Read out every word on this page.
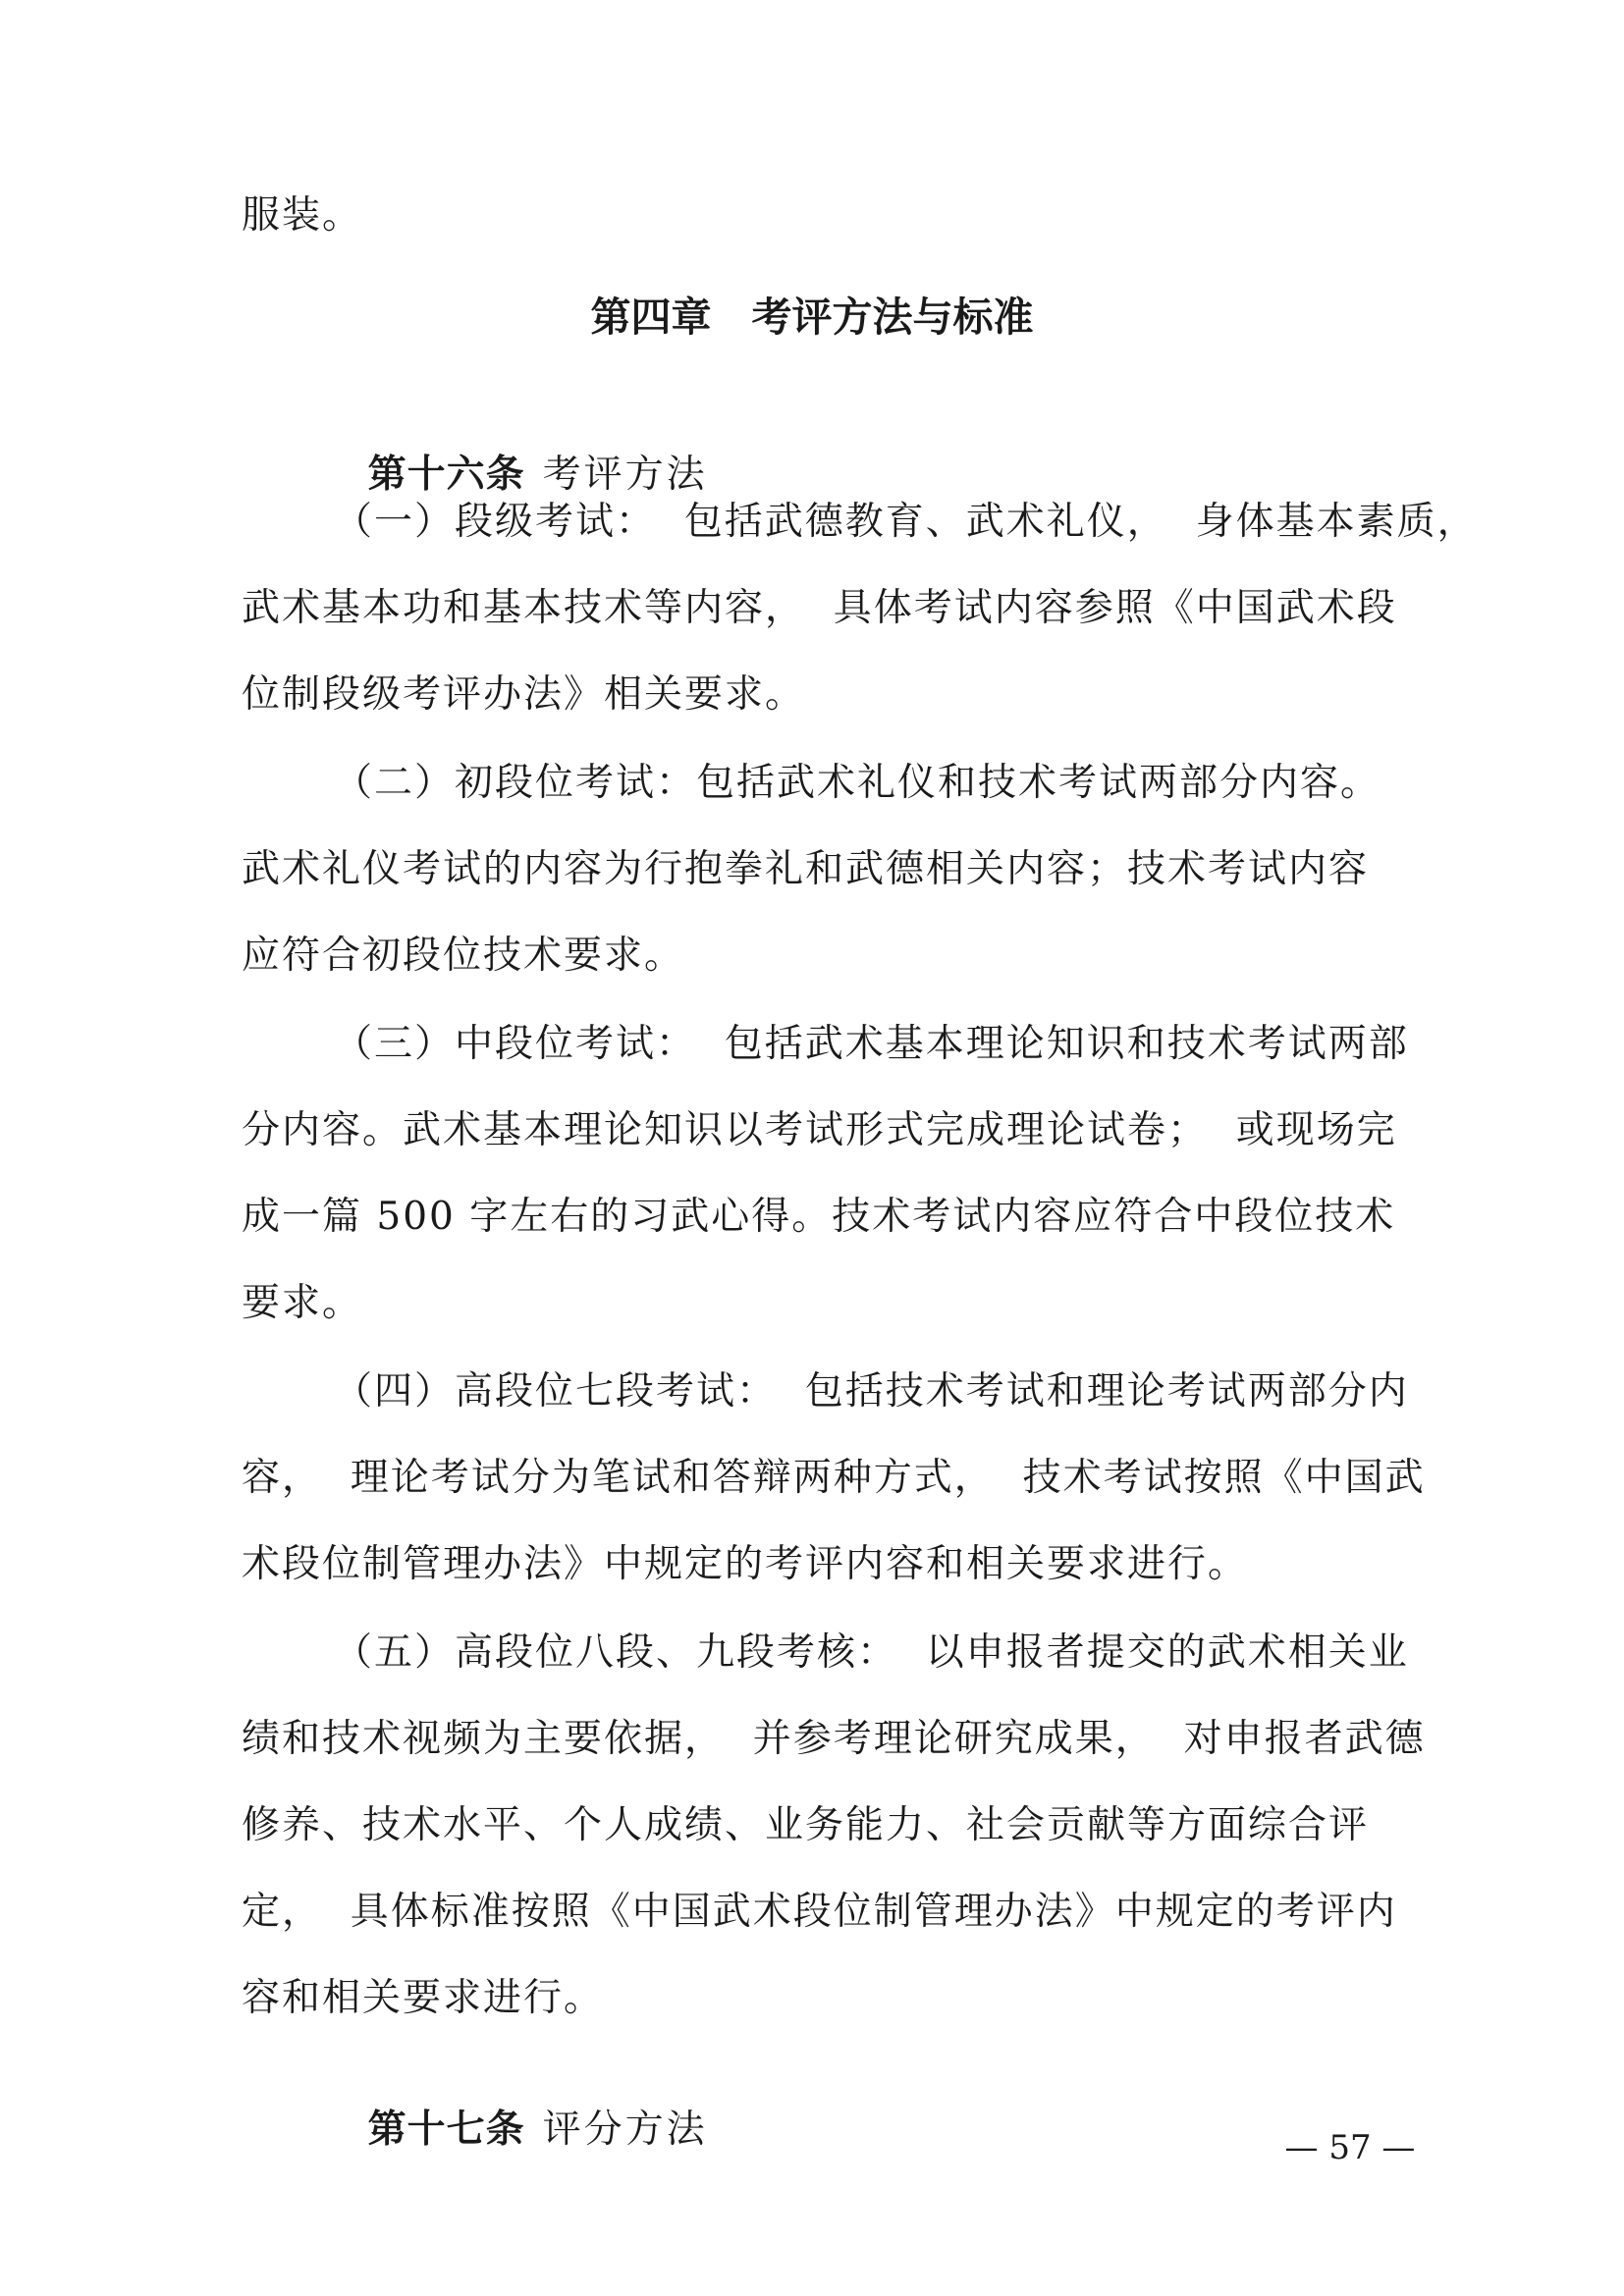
服装。
第四章　考评方法与标准

第十六条 考评方法

（一）段级考试：  包括武德教育、武术礼仪，  身体基本素质，
武术基本功和基本技术等内容，  具体考试内容参照《中国武术段
位制段级考评办法》相关要求。
（二）初段位考试：包括武术礼仪和技术考试两部分内容。
武术礼仪考试的内容为行抱拳礼和武德相关内容；技术考试内容
应符合初段位技术要求。
（三）中段位考试：  包括武术基本理论知识和技术考试两部
分内容。武术基本理论知识以考试形式完成理论试卷；  或现场完
成一篇 500 字左右的习武心得。技术考试内容应符合中段位技术
要求。
（四）高段位七段考试：  包括技术考试和理论考试两部分内
容，  理论考试分为笔试和答辩两种方式，  技术考试按照《中国武
术段位制管理办法》中规定的考评内容和相关要求进行。
（五）高段位八段、九段考核：  以申报者提交的武术相关业
绩和技术视频为主要依据，  并参考理论研究成果，  对申报者武德
修养、技术水平、个人成绩、业务能力、社会贡献等方面综合评
定，  具体标准按照《中国武术段位制管理办法》中规定的考评内
容和相关要求进行。

第十七条 评分方法
	— 57 —
